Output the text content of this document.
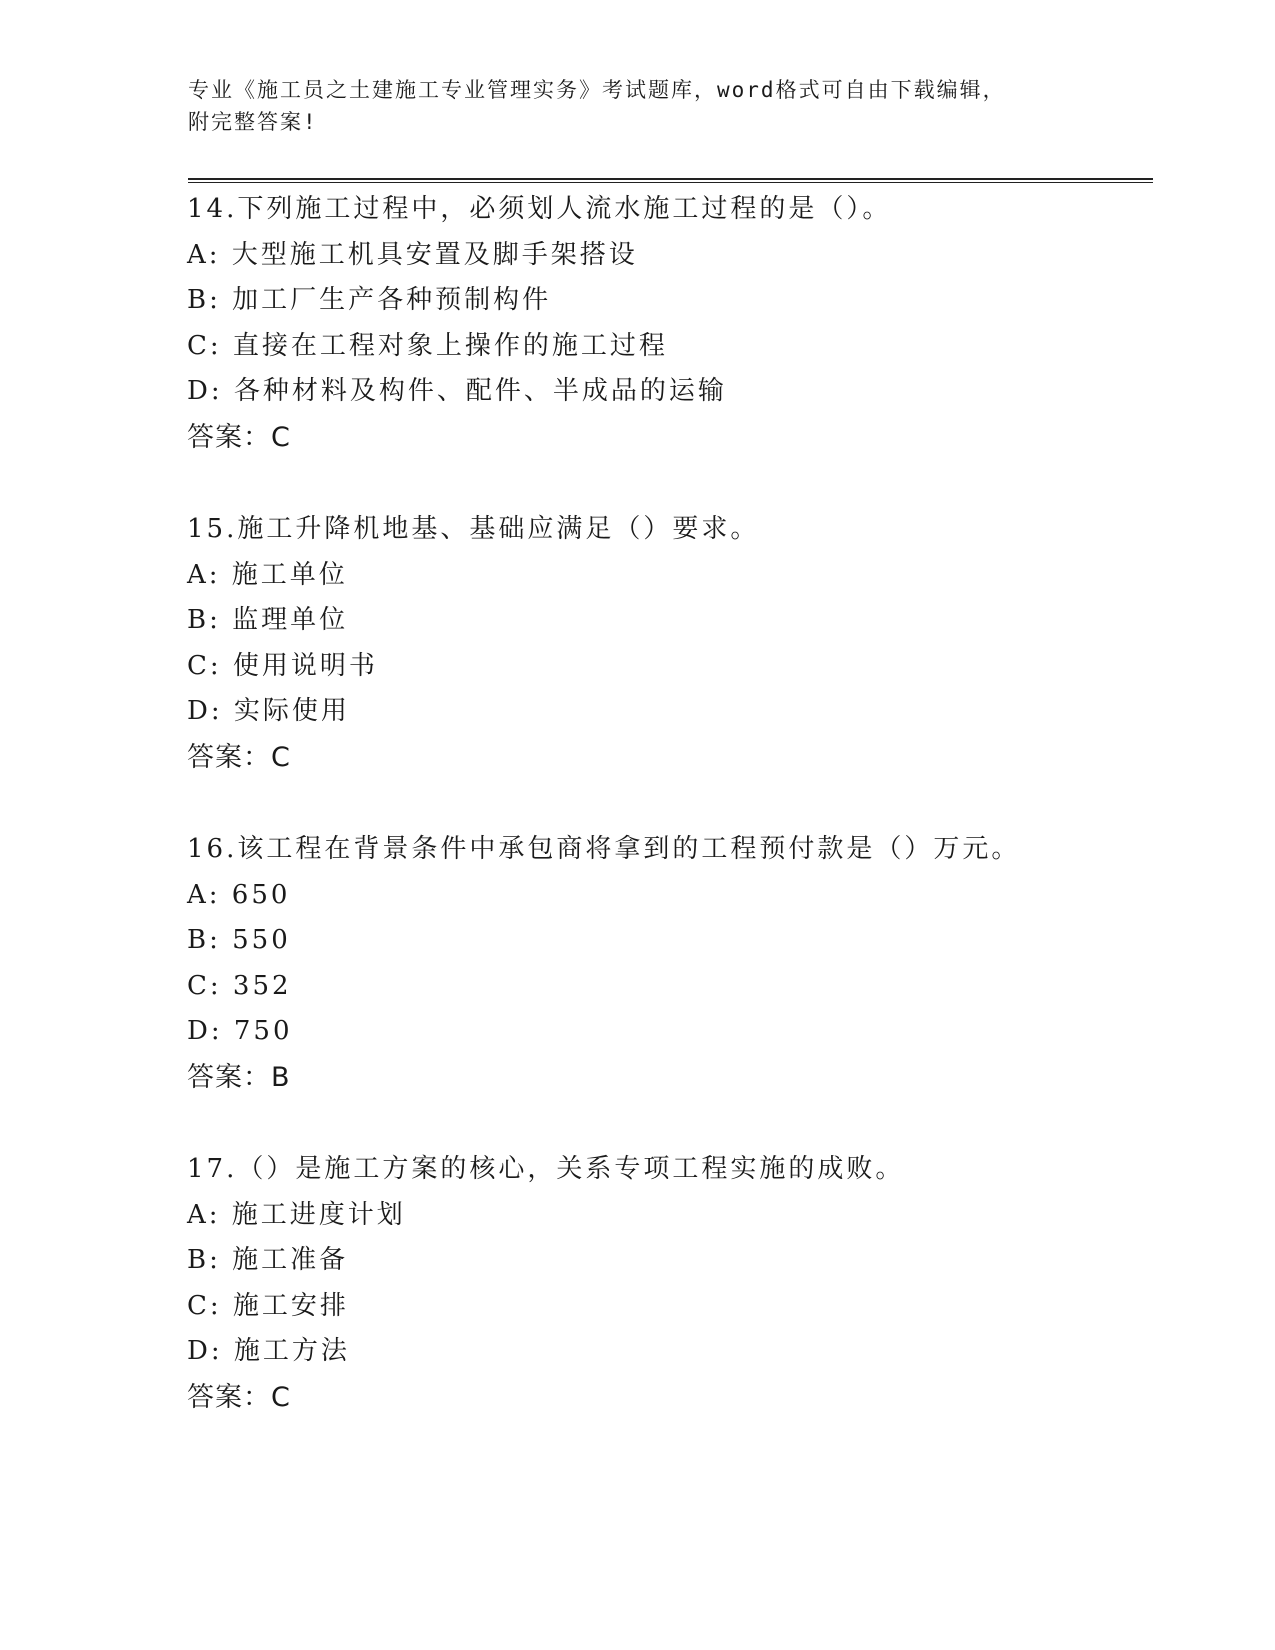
专业《施工员之土建施工专业管理实务》考试题库，word格式可自由下载编辑，
附完整答案!
14.下列施工过程中，必须划人流水施工过程的是（）。
A: 大型施工机具安置及脚手架搭设
B: 加工厂生产各种预制构件
C: 直接在工程对象上操作的施工过程
D: 各种材料及构件、配件、半成品的运输
答案：C
15.施工升降机地基、基础应满足（）要求。
A: 施工单位
B: 监理单位
C: 使用说明书
D: 实际使用
答案：C
16.该工程在背景条件中承包商将拿到的工程预付款是（）万元。
A: 650
B: 550
C: 352
D: 750
答案：B
17.（）是施工方案的核心，关系专项工程实施的成败。
A: 施工进度计划
B: 施工准备
C: 施工安排
D: 施工方法
答案：C
